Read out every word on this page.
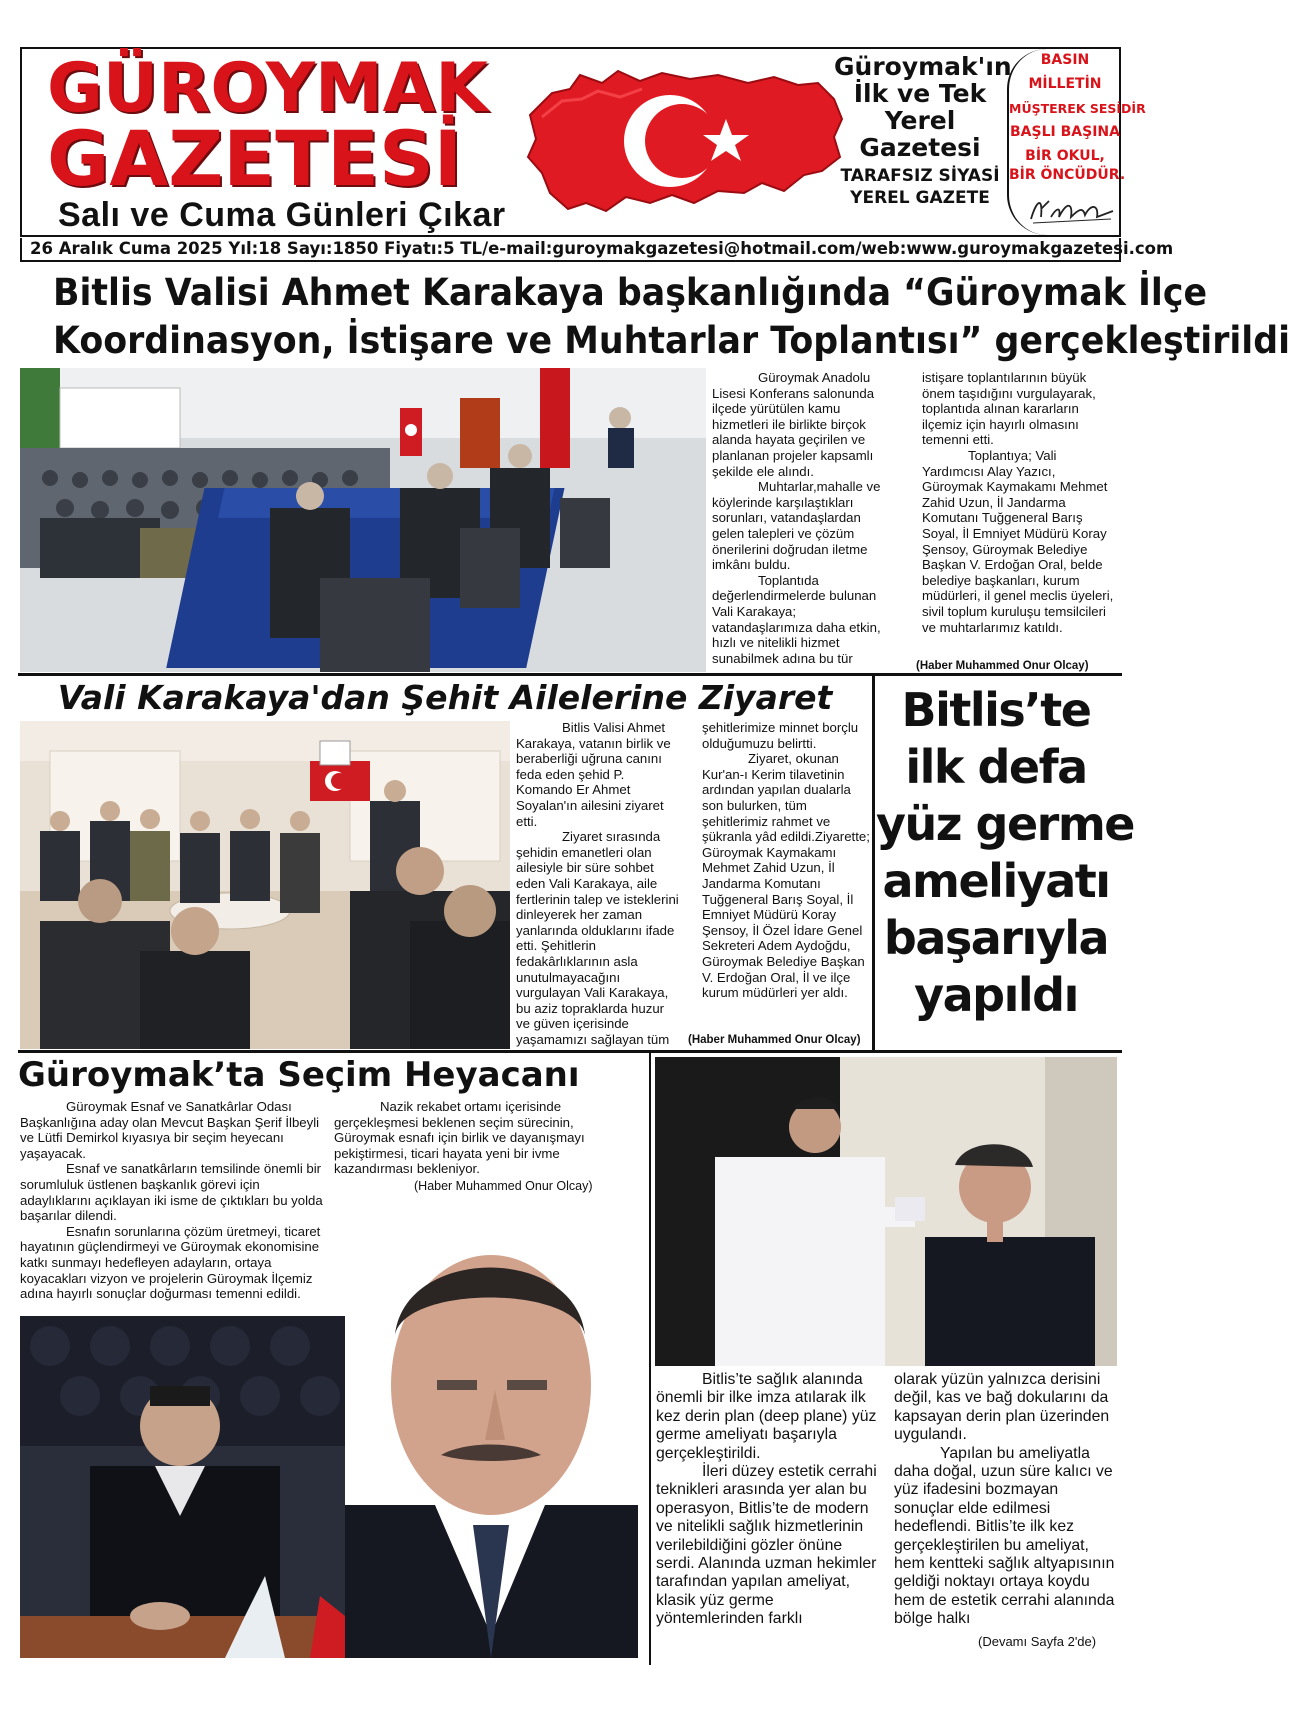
GÜROYMAK
GAZETESİ
Salı ve Cuma Günleri Çıkar
Güroymak'ın
İlk ve Tek
Yerel
Gazetesi
TARAFSIZ SİYASİ
YEREL GAZETE
BASIN
MİLLETİN
MÜŞTEREK SESİDİR
BAŞLI BAŞINA
BİR OKUL,
BİR ÖNCÜDÜR.
26 Aralık Cuma 2025 Yıl:18 Sayı:1850 Fiyatı:5 TL/e-mail:guroymakgazetesi@hotmail.com/web:www.guroymakgazetesi.com
Bitlis Valisi Ahmet Karakaya başkanlığında “Güroymak İlçe
Koordinasyon, İstişare ve Muhtarlar Toplantısı” gerçekleştirildi

Güroymak Anadolu Lisesi Konferans salonunda ilçede yürütülen kamu hizmetleri ile birlikte birçok alanda hayata geçirilen ve planlanan projeler kapsamlı şekilde ele alındı.

Muhtarlar,mahalle ve köylerinde karşılaştıkları sorunları, vatandaşlardan gelen talepleri ve çözüm önerilerini doğrudan iletme imkânı buldu.

Toplantıda değerlendirmelerde bulunan Vali Karakaya; vatandaşlarımıza daha etkin, hızlı ve nitelikli hizmet sunabilmek adına bu tür

istişare toplantılarının büyük önem taşıdığını vurgulayarak, toplantıda alınan kararların ilçemiz için hayırlı olmasını temenni etti.

Toplantıya; Vali Yardımcısı Alay Yazıcı, Güroymak Kaymakamı Mehmet Zahid Uzun, İl Jandarma Komutanı Tuğgeneral Barış Soyal, İl Emniyet Müdürü Koray Şensoy, Güroymak Belediye Başkan V. Erdoğan Oral, belde belediye başkanları, kurum müdürleri, il genel meclis üyeleri, sivil toplum kuruluşu temsilcileri ve muhtarlarımız katıldı.

(Haber Muhammed Onur Olcay)
Vali Karakaya'dan Şehit Ailelerine Ziyaret

Bitlis Valisi Ahmet Karakaya, vatanın birlik ve beraberliği uğruna canını feda eden şehid P. Komando Er Ahmet Soyalan'ın ailesini ziyaret etti.

Ziyaret sırasında şehidin emanetleri olan ailesiyle bir süre sohbet eden Vali Karakaya, aile fertlerinin talep ve isteklerini dinleyerek her zaman yanlarında olduklarını ifade etti. Şehitlerin fedakârlıklarının asla unutulmayacağını vurgulayan Vali Karakaya, bu aziz topraklarda huzur ve güven içerisinde yaşamamızı sağlayan tüm

şehitlerimize minnet borçlu olduğumuzu belirtti.

Ziyaret, okunan Kur'an-ı Kerim tilavetinin ardından yapılan dualarla son bulurken, tüm şehitlerimiz rahmet ve şükranla yâd edildi.Ziyarette; Güroymak Kaymakamı Mehmet Zahid Uzun, İl Jandarma Komutanı Tuğgeneral Barış Soyal, İl Emniyet Müdürü Koray Şensoy, İl Özel İdare Genel Sekreteri Adem Aydoğdu, Güroymak Belediye Başkan V. Erdoğan Oral, İl ve ilçe kurum müdürleri yer aldı.

(Haber Muhammed Onur Olcay)
Bitlis’te
ilk defa
yüz germe
ameliyatı
başarıyla
yapıldı
Güroymak’ta Seçim Heyacanı

Güroymak Esnaf ve Sanatkârlar Odası Başkanlığına aday olan Mevcut Başkan Şerif İlbeyli ve Lütfi Demirkol kıyasıya bir seçim heyecanı yaşayacak.

Esnaf ve sanatkârların temsilinde önemli bir sorumluluk üstlenen başkanlık görevi için adaylıklarını açıklayan iki isme de çıktıkları bu yolda başarılar dilendi.

Esnafın sorunlarına çözüm üretmeyi, ticaret hayatının güçlendirmeyi ve Güroymak ekonomisine katkı sunmayı hedefleyen adayların, ortaya koyacakları vizyon ve projelerin Güroymak İlçemiz adına hayırlı sonuçlar doğurması temenni edildi.

Nazik rekabet ortamı içerisinde gerçekleşmesi beklenen seçim sürecinin, Güroymak esnafı için birlik ve dayanışmayı pekiştirmesi, ticari hayata yeni bir ivme kazandırması bekleniyor.

(Haber Muhammed Onur Olcay)

Bitlis’te sağlık alanında önemli bir ilke imza atılarak ilk kez derin plan (deep plane) yüz germe ameliyatı başarıyla gerçekleştirildi.

İleri düzey estetik cerrahi teknikleri arasında yer alan bu operasyon, Bitlis’te de modern ve nitelikli sağlık hizmetlerinin verilebildiğini gözler önüne serdi. Alanında uzman hekimler tarafından yapılan ameliyat, klasik yüz germe yöntemlerinden farklı

olarak yüzün yalnızca derisini değil, kas ve bağ dokularını da kapsayan derin plan üzerinden uygulandı.

Yapılan bu ameliyatla daha doğal, uzun süre kalıcı ve yüz ifadesini bozmayan sonuçlar elde edilmesi hedeflendi. Bitlis’te ilk kez gerçekleştirilen bu ameliyat, hem kentteki sağlık altyapısının geldiği noktayı ortaya koydu hem de estetik cerrahi alanında bölge halkı

(Devamı Sayfa 2'de)
